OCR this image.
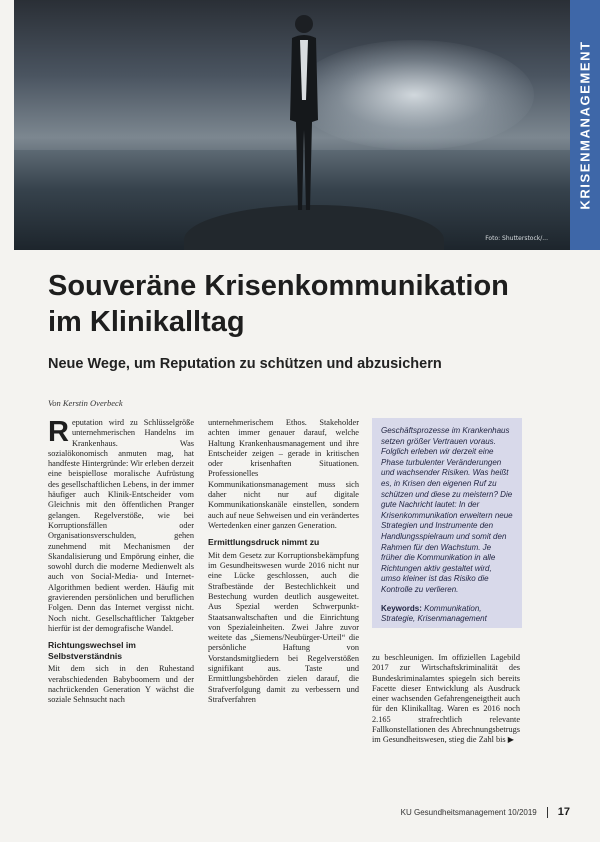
Foto: Shutterstock/...
KRISENMANAGEMENT
Souveräne Krisenkommunikation im Klinikalltag
Neue Wege, um Reputation zu schützen und abzusichern
Von Kerstin Overbeck
R eputation wird zu Schlüsselgröße unternehmerischen Handelns im Krankenhaus. Was sozialökonomisch anmuten mag, hat handfeste Hintergründe: Wir erleben derzeit eine beispiellose moralische Aufrüstung des gesellschaftlichen Lebens, in der immer häufiger auch Klinik-Entscheider vom Gleichnis mit den öffentlichen Pranger gelangen. Regelverstöße, wie bei Korruptionsfällen oder Organisationsverschulden, gehen zunehmend mit Mechanismen der Skandalisierung und Empörung einher, die sowohl durch die moderne Medienwelt als auch von Social-Media- und Internet-Algorithmen bedient werden. Häufig mit gravierenden persönlichen und beruflichen Folgen. Denn das Internet vergisst nicht. Noch nicht. Gesellschaftlicher Taktgeber hierfür ist der demografische Wandel.

Richtungswechsel im Selbstverständnis

Mit dem sich in den Ruhestand verabschiedenden Babyboomern und der nachrückenden Generation Y wächst die soziale Sehnsucht nach

unternehmerischem Ethos. Stakeholder achten immer genauer darauf, welche Haltung Krankenhausmanagement und ihre Entscheider zeigen – gerade in kritischen oder krisenhaften Situationen. Professionelles Kommunikationsmanagement muss sich daher nicht nur auf digitale Kommunikationskanäle einstellen, sondern auch auf neue Sehweisen und ein verändertes Wertedenken einer ganzen Generation.

Ermittlungsdruck nimmt zu

Mit dem Gesetz zur Korruptionsbekämpfung im Gesundheitswesen wurde 2016 nicht nur eine Lücke geschlossen, auch die Strafbestände der Bestechlichkeit und Bestechung wurden deutlich ausgeweitet. Aus Spezial werden Schwerpunkt-Staatsanwaltschaften und die Einrichtung von Spezialeinheiten. Zwei Jahre zuvor weitete das „Siemens/Neubürger-Urteil“ die persönliche Haftung von Vorstandsmitgliedern bei Regelverstößen signifikant aus. Taste und Ermittlungsbehörden zielen darauf, die Strafverfolgung damit zu verbessern und Strafverfahren

Geschäftsprozesse im Krankenhaus setzen größer Vertrauen voraus. Folglich erleben wir derzeit eine Phase turbulenter Veränderungen und wachsender Risiken. Was heißt es, in Krisen den eigenen Ruf zu schützen und diese zu meistern? Die gute Nachricht lautet: In der Krisenkommunikation erweitern neue Strategien und Instrumente den Handlungsspielraum und somit den Rahmen für den Wachstum. Je früher die Kommunikation in alle Richtungen aktiv gestaltet wird, umso kleiner ist das Risiko die Kontrolle zu verlieren.

Keywords: Kommunikation, Strategie, Krisenmanagement

zu beschleunigen. Im offiziellen Lagebild 2017 zur Wirtschaftskriminalität des Bundeskriminalamtes spiegeln sich bereits Facette dieser Entwicklung als Ausdruck einer wachsenden Gefahrengeneigtheit auch für den Klinikalltag. Waren es 2016 noch 2.165 strafrechtlich relevante Fallkonstellationen des Abrechnungsbetrugs im Gesundheitswesen, stieg die Zahl bis ▶

KU Gesundheitsmanagement 10/2019 17
